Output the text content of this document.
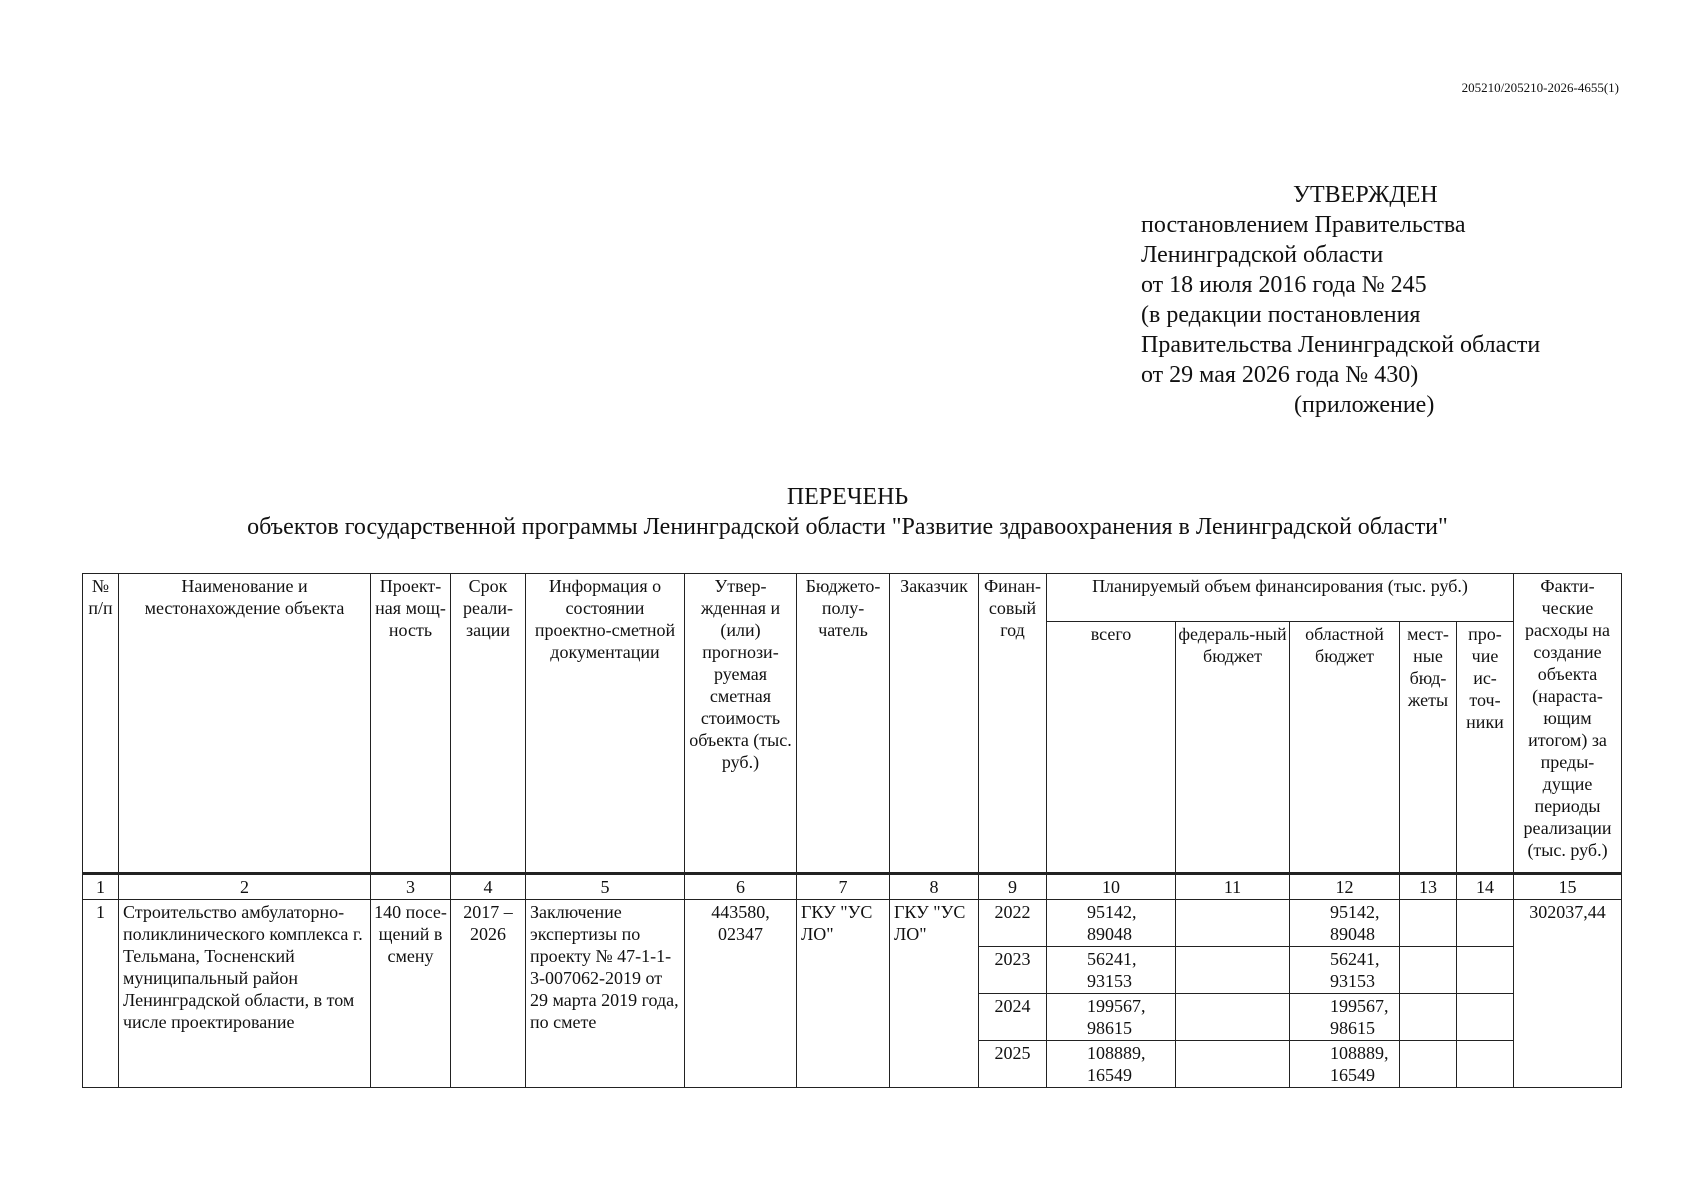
205210/205210-2026-4655(1)
УТВЕРЖДЕН
постановлением Правительства
Ленинградской области
от 18 июля 2016 года № 245
(в редакции постановления
Правительства Ленинградской области
от 29 мая 2026 года № 430)
(приложение)
ПЕРЕЧЕНЬ
объектов государственной программы Ленинградской области "Развитие здравоохранения в Ленинградской области"
№ п/п	Наименование и местонахождение объекта	Проект-ная мощ-ность	Срок реали-зации	Информация о состоянии проектно-сметной документации	Утвер-жденная и (или) прогнози-руемая сметная стоимость объекта (тыс. руб.)	Бюджето-полу-чатель	Заказчик	Финан-совый год	Планируемый объем финансирования (тыс. руб.)					Факти-ческие расходы на создание объекта (нараста-ющим итогом) за преды-дущие периоды реализации (тыс. руб.)
									всего	федераль-ный бюджет	областной бюджет	мест-ные бюд-жеты	про-чие ис-точ-ники	
1	2	3	4	5	6	7	8	9	10	11	12	13	14	15
1	Строительство амбулаторно-поликлинического комплекса г. Тельмана, Тосненский муниципальный район Ленинградской области, в том числе проектирование	140 посе-щений в смену	2017 – 2026	Заключение экспертизы по проекту № 47-1-1-3-007062-2019 от 29 марта 2019 года, по смете	443580, 02347	ГКУ "УС ЛО"	ГКУ "УС ЛО"	2022	95142, 89048		95142, 89048			302037,44
								2023	56241, 93153		56241, 93153			
								2024	199567, 98615		199567, 98615			
								2025	108889, 16549		108889, 16549			
